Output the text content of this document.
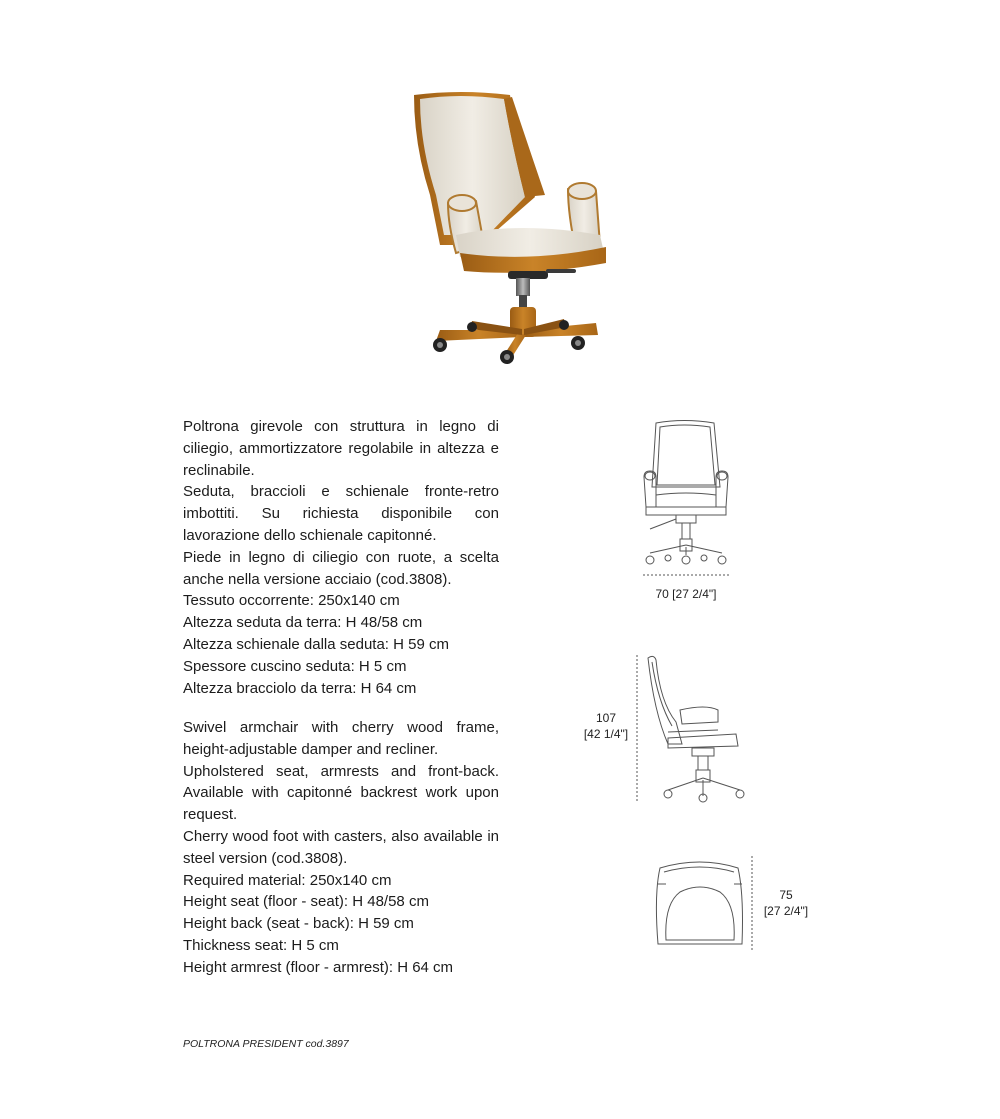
Poltrona girevole con struttura in legno di ciliegio, ammortizzatore regolabile in altezza e reclinabile.

Seduta, braccioli e schienale fronte-retro imbottiti. Su richiesta disponibile con lavorazione dello schienale capitonné.

Piede in legno di ciliegio con ruote, a scelta anche nella versione acciaio (cod.3808).

Tessuto occorrente: 250x140 cm

Altezza seduta da terra: H 48/58 cm

Altezza schienale dalla seduta: H 59 cm

Spessore cuscino seduta: H 5 cm

Altezza bracciolo da terra: H 64 cm

Swivel armchair with cherry wood frame, height-adjustable damper and recliner.

Upholstered seat, armrests and front-back. Available with capitonné backrest work upon request.

Cherry wood foot with casters, also available in steel version (cod.3808).

Required material: 250x140 cm

Height seat (floor - seat): H 48/58 cm

Height back (seat - back): H 59 cm

Thickness seat: H 5 cm

Height armrest (floor - armrest): H 64 cm

70 [27 2/4"]
107
[42 1/4"]
75
[27 2/4"]
POLTRONA PRESIDENT cod.3897
